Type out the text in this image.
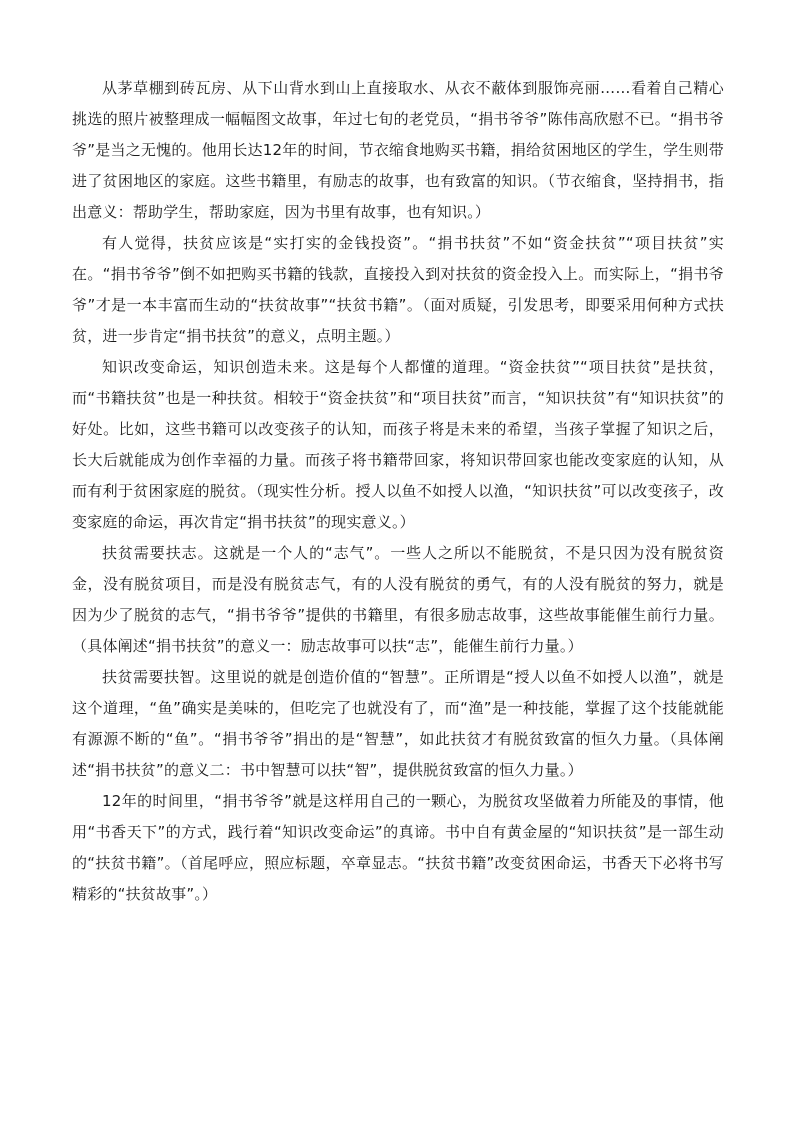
从茅草棚到砖瓦房、从下山背水到山上直接取水、从衣不蔽体到服饰亮丽……看着自己精心挑选的照片被整理成一幅幅图文故事，年过七旬的老党员，“捐书爷爷”陈伟高欣慰不已。“捐书爷爷”是当之无愧的。他用长达12年的时间，节衣缩食地购买书籍，捐给贫困地区的学生，学生则带进了贫困地区的家庭。这些书籍里，有励志的故事，也有致富的知识。（节衣缩食，坚持捐书，指出意义：帮助学生，帮助家庭，因为书里有故事，也有知识。）

有人觉得，扶贫应该是“实打实的金钱投资”。“捐书扶贫”不如“资金扶贫”“项目扶贫”实在。“捐书爷爷”倒不如把购买书籍的钱款，直接投入到对扶贫的资金投入上。而实际上，“捐书爷爷”才是一本丰富而生动的“扶贫故事”“扶贫书籍”。（面对质疑，引发思考，即要采用何种方式扶贫，进一步肯定“捐书扶贫”的意义，点明主题。）

知识改变命运，知识创造未来。这是每个人都懂的道理。“资金扶贫”“项目扶贫”是扶贫，而“书籍扶贫”也是一种扶贫。相较于“资金扶贫”和“项目扶贫”而言，“知识扶贫”有“知识扶贫”的好处。比如，这些书籍可以改变孩子的认知，而孩子将是未来的希望，当孩子掌握了知识之后，长大后就能成为创作幸福的力量。而孩子将书籍带回家，将知识带回家也能改变家庭的认知，从而有利于贫困家庭的脱贫。（现实性分析。授人以鱼不如授人以渔，“知识扶贫”可以改变孩子，改变家庭的命运，再次肯定“捐书扶贫”的现实意义。）

扶贫需要扶志。这就是一个人的“志气”。一些人之所以不能脱贫，不是只因为没有脱贫资金，没有脱贫项目，而是没有脱贫志气，有的人没有脱贫的勇气，有的人没有脱贫的努力，就是因为少了脱贫的志气，“捐书爷爷”提供的书籍里，有很多励志故事，这些故事能催生前行力量。（具体阐述“捐书扶贫”的意义一：励志故事可以扶“志”，能催生前行力量。）

扶贫需要扶智。这里说的就是创造价值的“智慧”。正所谓是“授人以鱼不如授人以渔”，就是这个道理，“鱼”确实是美味的，但吃完了也就没有了，而“渔”是一种技能，掌握了这个技能就能有源源不断的“鱼”。“捐书爷爷”捐出的是“智慧”，如此扶贫才有脱贫致富的恒久力量。（具体阐述“捐书扶贫”的意义二：书中智慧可以扶“智”，提供脱贫致富的恒久力量。）

12年的时间里，“捐书爷爷”就是这样用自己的一颗心，为脱贫攻坚做着力所能及的事情，他用“书香天下”的方式，践行着“知识改变命运”的真谛。书中自有黄金屋的“知识扶贫”是一部生动的“扶贫书籍”。（首尾呼应，照应标题，卒章显志。“扶贫书籍”改变贫困命运，书香天下必将书写精彩的“扶贫故事”。）
